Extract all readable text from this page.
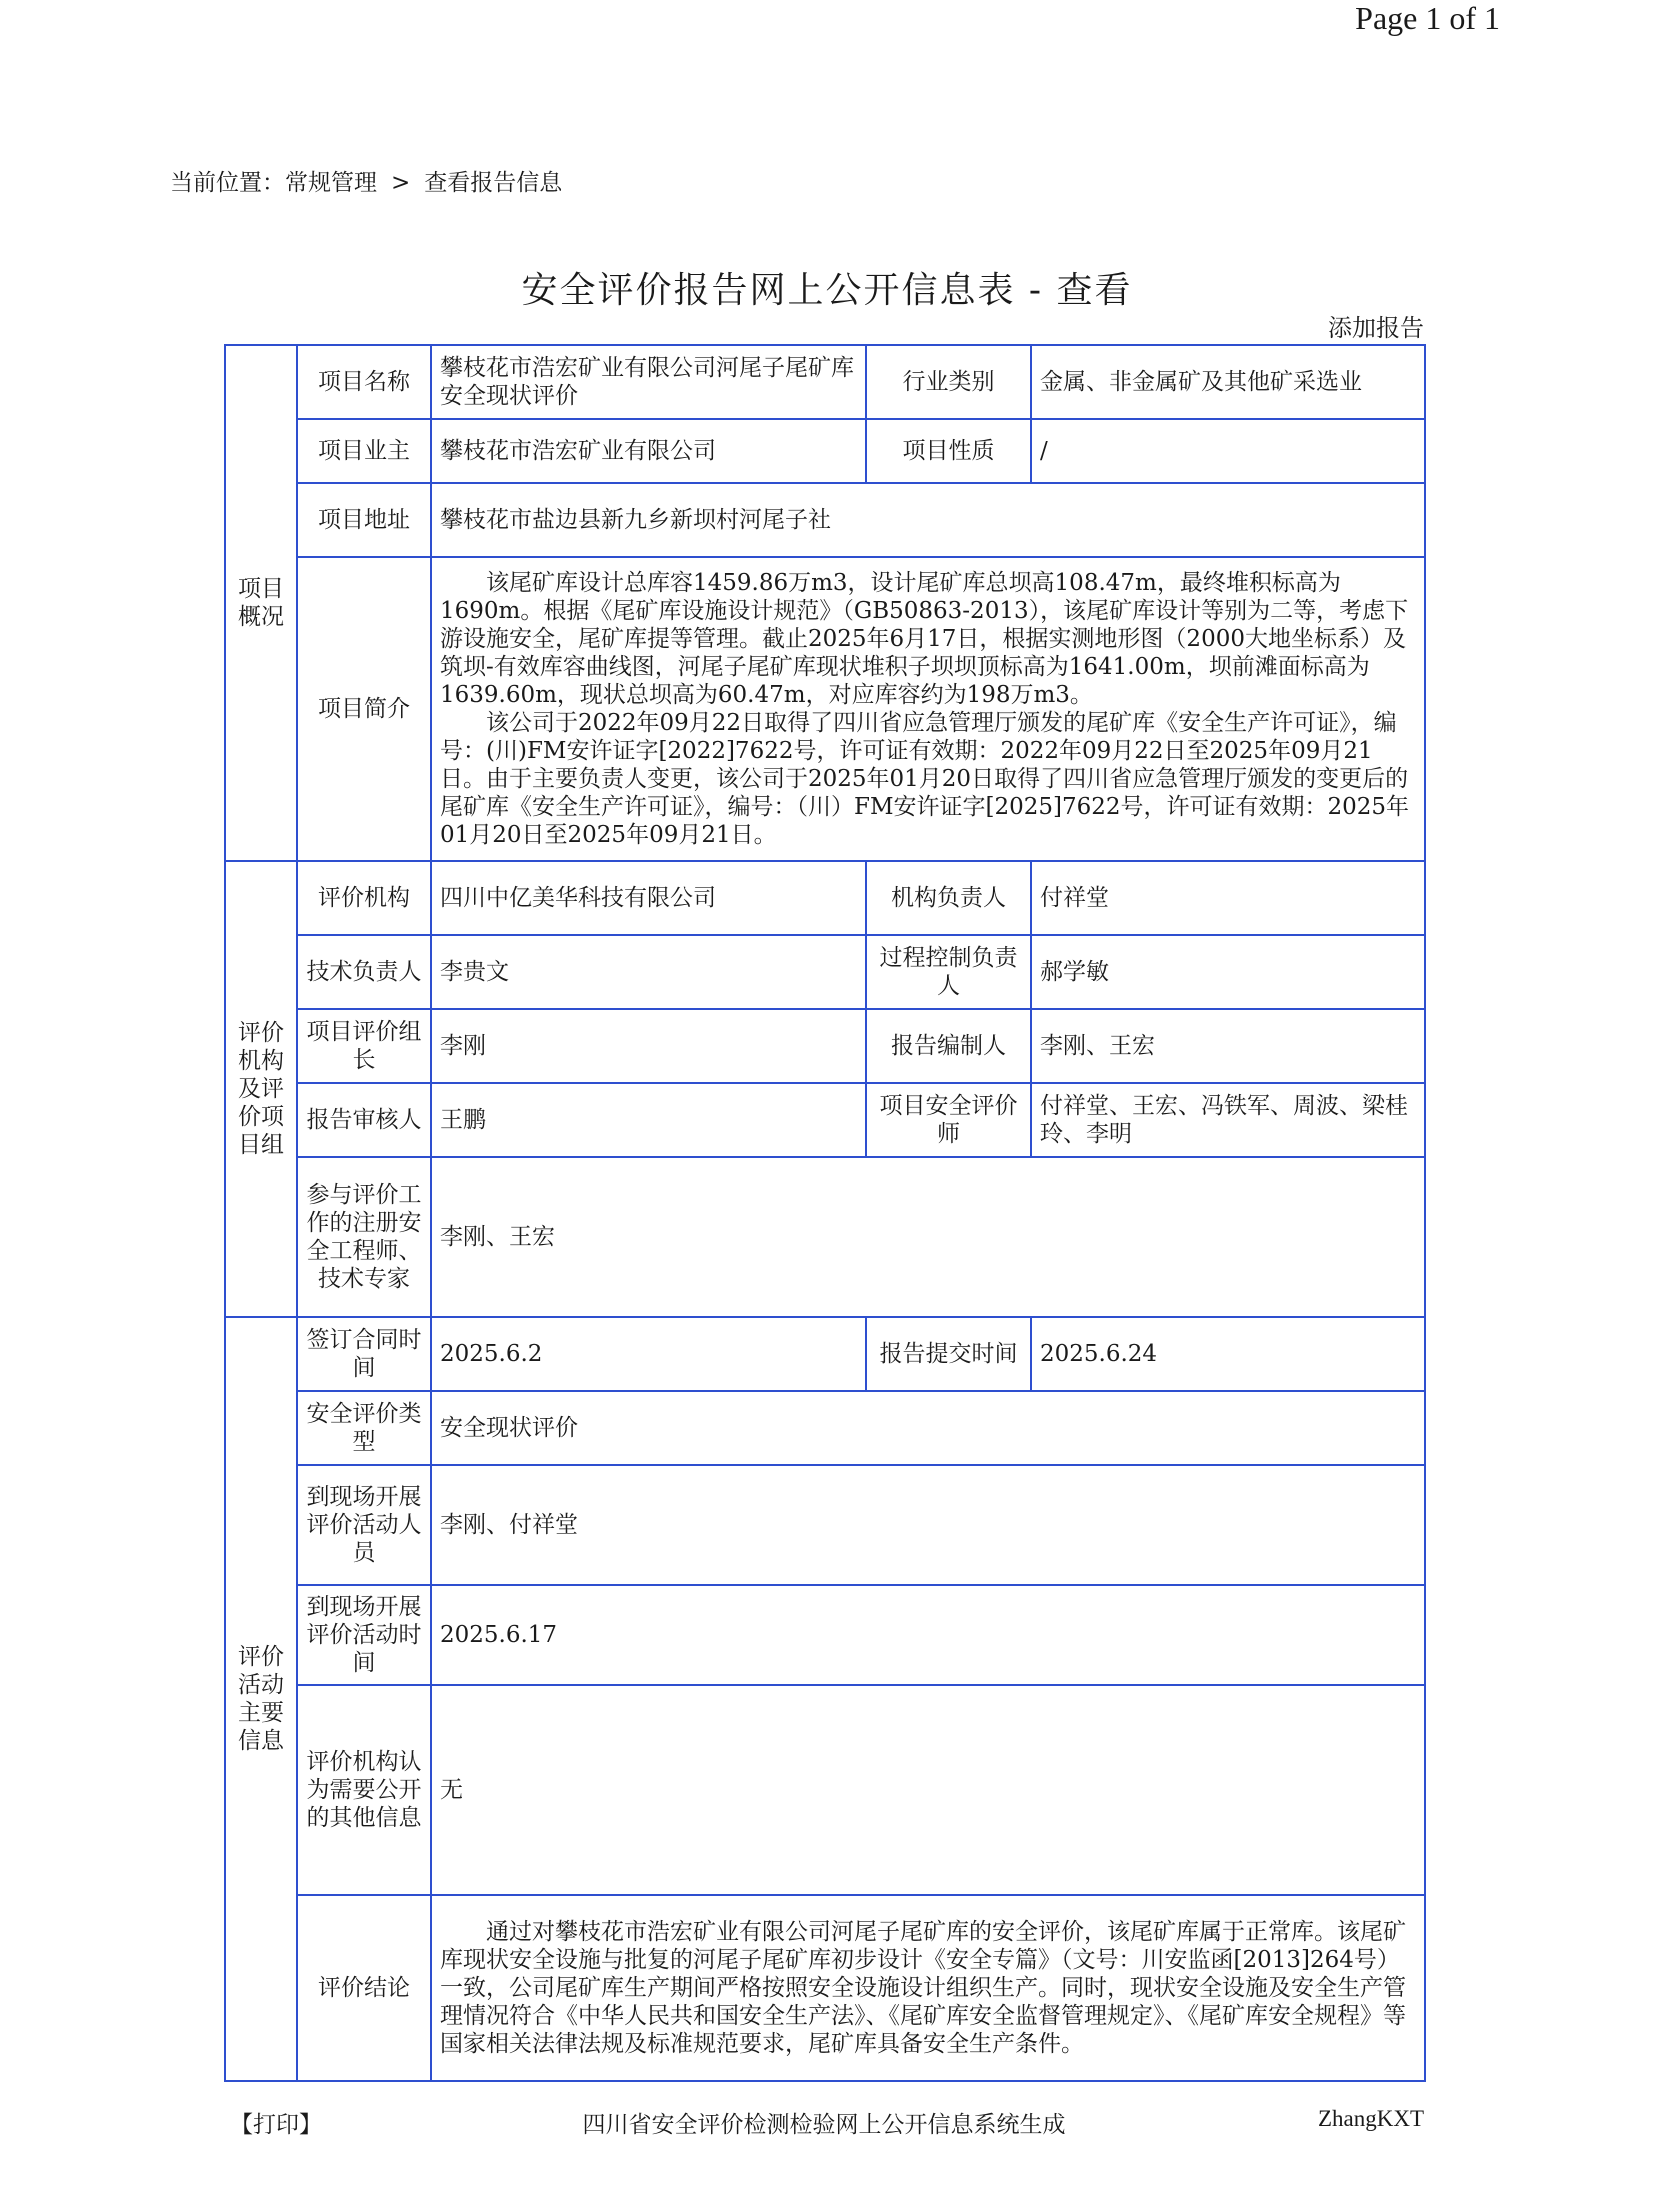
Page 1 of 1
当前位置：常规管理 > 查看报告信息
安全评价报告网上公开信息表 - 查看
添加报告
项目概况	项目名称	攀枝花市浩宏矿业有限公司河尾子尾矿库安全现状评价	行业类别	金属、非金属矿及其他矿采选业
	项目业主	攀枝花市浩宏矿业有限公司	项目性质	/
	项目地址	攀枝花市盐边县新九乡新坝村河尾子社		
	项目简介	该尾矿库设计总库容1459.86万m3，设计尾矿库总坝高108.47m，最终堆积标高为1690m。根据《尾矿库设施设计规范》（GB50863-2013），该尾矿库设计等别为二等，考虑下游设施安全，尾矿库提等管理。截止2025年6月17日，根据实测地形图（2000大地坐标系）及筑坝-有效库容曲线图，河尾子尾矿库现状堆积子坝坝顶标高为1641.00m，坝前滩面标高为1639.60m，现状总坝高为60.47m，对应库容约为198万m3。

该公司于2022年09月22日取得了四川省应急管理厅颁发的尾矿库《安全生产许可证》，编号：(川)FM安许证字[2022]7622号，许可证有效期：2022年09月22日至2025年09月21日。由于主要负责人变更，该公司于2025年01月20日取得了四川省应急管理厅颁发的变更后的尾矿库《安全生产许可证》，编号：（川）FM安许证字[2025]7622号，许可证有效期：2025年01月20日至2025年09月21日。		

评价机构及评价项目组	评价机构	四川中亿美华科技有限公司	机构负责人	付祥堂
	技术负责人	李贵文	过程控制负责人	郝学敏
	项目评价组长	李刚	报告编制人	李刚、王宏
	报告审核人	王鹏	项目安全评价师	付祥堂、王宏、冯铁军、周波、梁桂玲、李明
	参与评价工作的注册安全工程师、技术专家	李刚、王宏		
评价活动主要信息	签订合同时间	2025.6.2	报告提交时间	2025.6.24
	安全评价类型	安全现状评价		
	到现场开展评价活动人员	李刚、付祥堂		
	到现场开展评价活动时间	2025.6.17		
	评价机构认为需要公开的其他信息	无		
	评价结论	通过对攀枝花市浩宏矿业有限公司河尾子尾矿库的安全评价，该尾矿库属于正常库。该尾矿库现状安全设施与批复的河尾子尾矿库初步设计《安全专篇》（文号：川安监函[2013]264号）一致，公司尾矿库生产期间严格按照安全设施设计组织生产。同时，现状安全设施及安全生产管理情况符合《中华人民共和国安全生产法》、《尾矿库安全监督管理规定》、《尾矿库安全规程》等国家相关法律法规及标准规范要求，尾矿库具备安全生产条件。		

四川省安全评价检测检验网上公开信息系统生成
【打印】	ZhangKXT
